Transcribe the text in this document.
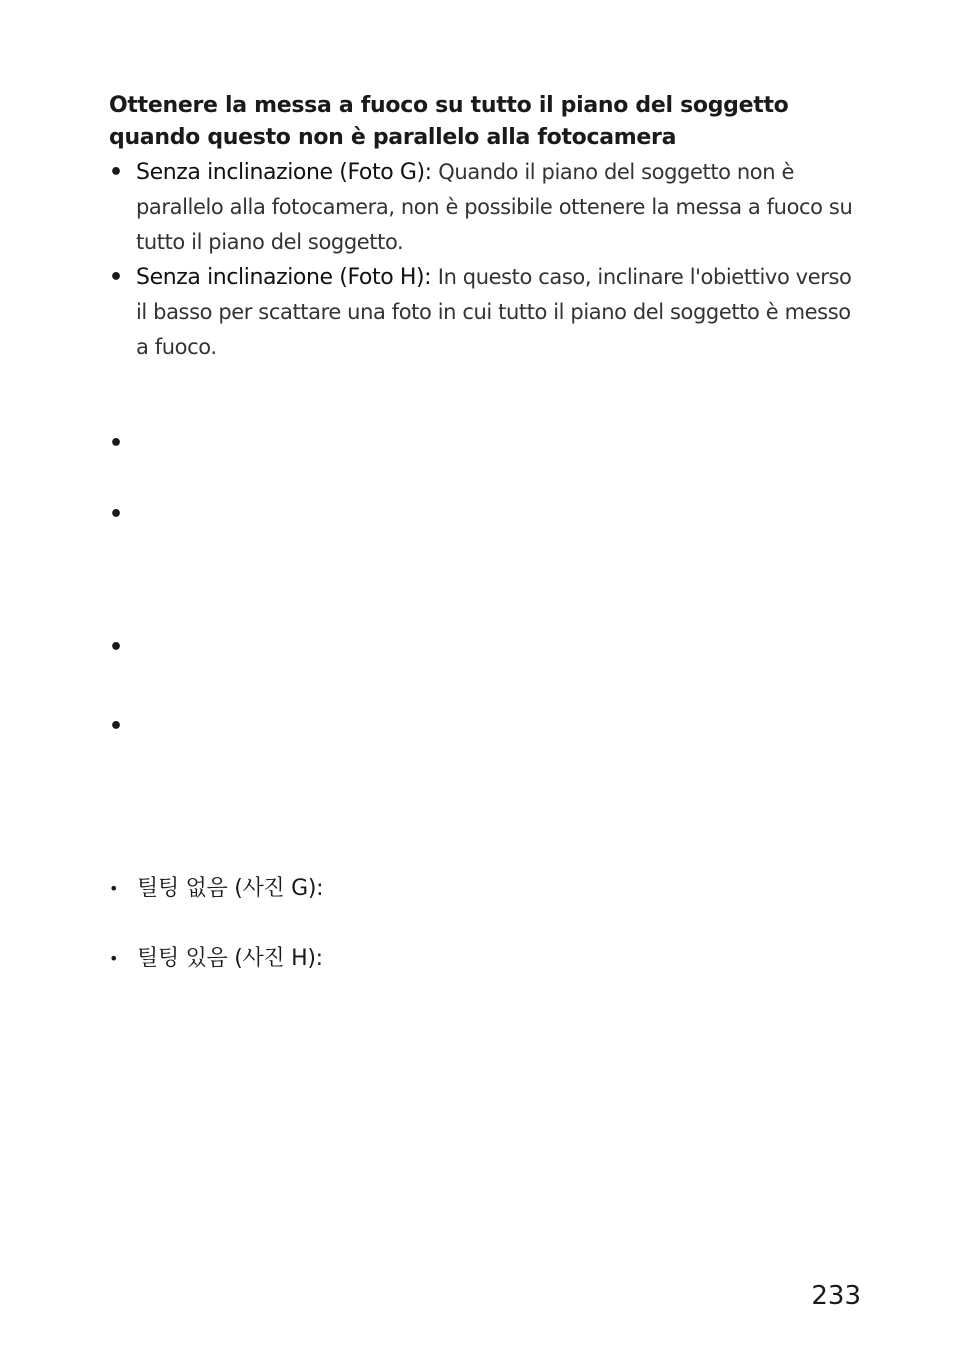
Ottenere la messa a fuoco su tutto il piano del soggetto
quando questo non è parallelo alla fotocamera
• Senza inclinazione (Foto G): Quando il piano del soggetto non è parallelo alla fotocamera, non è possibile ottenere la messa a fuoco su tutto il piano del soggetto.
• Senza inclinazione (Foto H): In questo caso, inclinare l'obiettivo verso il basso per scattare una foto in cui tutto il piano del soggetto è messo a fuoco.
•
•
•
•
• 틸팅 없음 (사진 G):
• 틸팅 있음 (사진 H):
233
